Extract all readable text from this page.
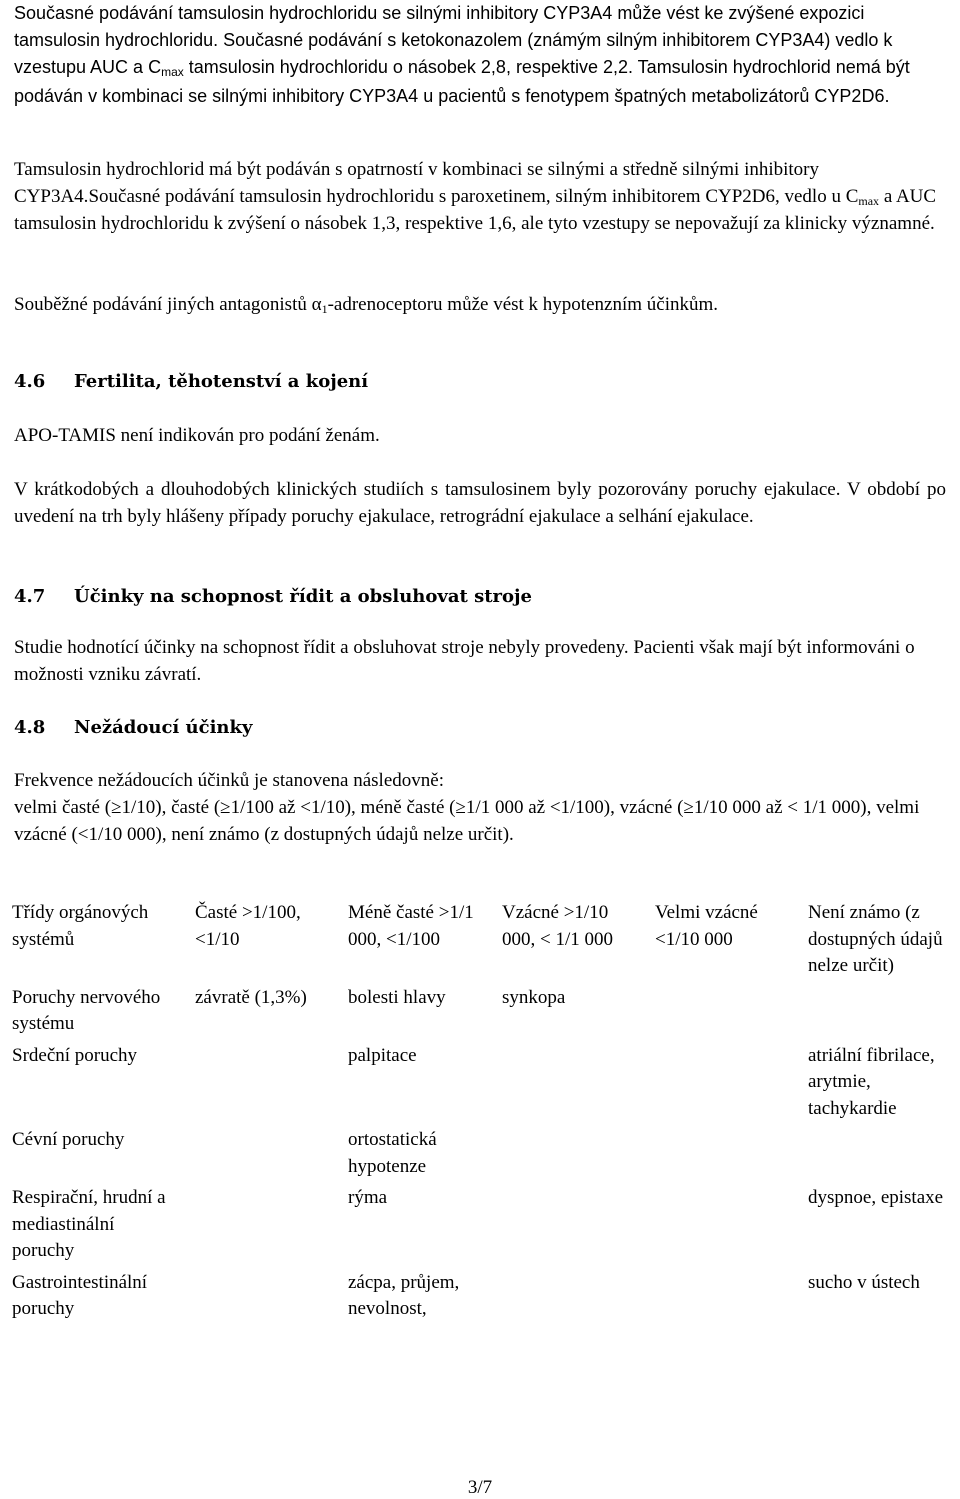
Současné podávání tamsulosin hydrochloridu se silnými inhibitory CYP3A4 může vést ke zvýšené expozici tamsulosin hydrochloridu. Současné podávání s ketokonazolem (známým silným inhibitorem CYP3A4) vedlo k vzestupu AUC a Cmax tamsulosin hydrochloridu o násobek 2,8, respektive 2,2. Tamsulosin hydrochlorid nemá být podáván v kombinaci se silnými inhibitory CYP3A4 u pacientů s fenotypem špatných metabolizátorů CYP2D6.

Tamsulosin hydrochlorid má být podáván s opatrností v kombinaci se silnými a středně silnými inhibitory CYP3A4.Současné podávání tamsulosin hydrochloridu s paroxetinem, silným inhibitorem CYP2D6, vedlo u Cmax a AUC tamsulosin hydrochloridu k zvýšení o násobek 1,3, respektive 1,6, ale tyto vzestupy se nepovažují za klinicky významné.

Souběžné podávání jiných antagonistů α1-adrenoceptoru může vést k hypotenzním účinkům.

4.6	Fertilita, těhotenství a kojení

APO-TAMIS není indikován pro podání ženám.

V krátkodobých a dlouhodobých klinických studiích s tamsulosinem byly pozorovány poruchy ejakulace. V období po uvedení na trh byly hlášeny případy poruchy ejakulace, retrográdní ejakulace a selhání ejakulace.

4.7	Účinky na schopnost řídit a obsluhovat stroje

Studie hodnotící účinky na schopnost řídit a obsluhovat stroje nebyly provedeny. Pacienti však mají být informováni o možnosti vzniku závratí.

4.8	Nežádoucí účinky

Frekvence nežádoucích účinků je stanovena následovně:

velmi časté (≥1/10), časté (≥1/100 až <1/10), méně časté (≥1/1 000 až <1/100), vzácné (≥1/10 000 až < 1/1 000), velmi vzácné (<1/10 000), není známo (z dostupných údajů nelze určit).

Třídy orgánových systémů	Časté >1/100, <1/10	Méně časté >1/1 000, <1/100	Vzácné >1/10 000, < 1/1 000	Velmi vzácné <1/10 000	Není známo (z dostupných údajů nelze určit)
Poruchy nervového systému	závratě (1,3%)	bolesti hlavy	synkopa		
Srdeční poruchy		palpitace			atriální fibrilace, arytmie, tachykardie
Cévní poruchy		ortostatická hypotenze			
Respirační, hrudní a mediastinální poruchy		rýma			dyspnoe, epistaxe
Gastrointestinální poruchy		zácpa, průjem, nevolnost,			sucho v ústech
3/7
